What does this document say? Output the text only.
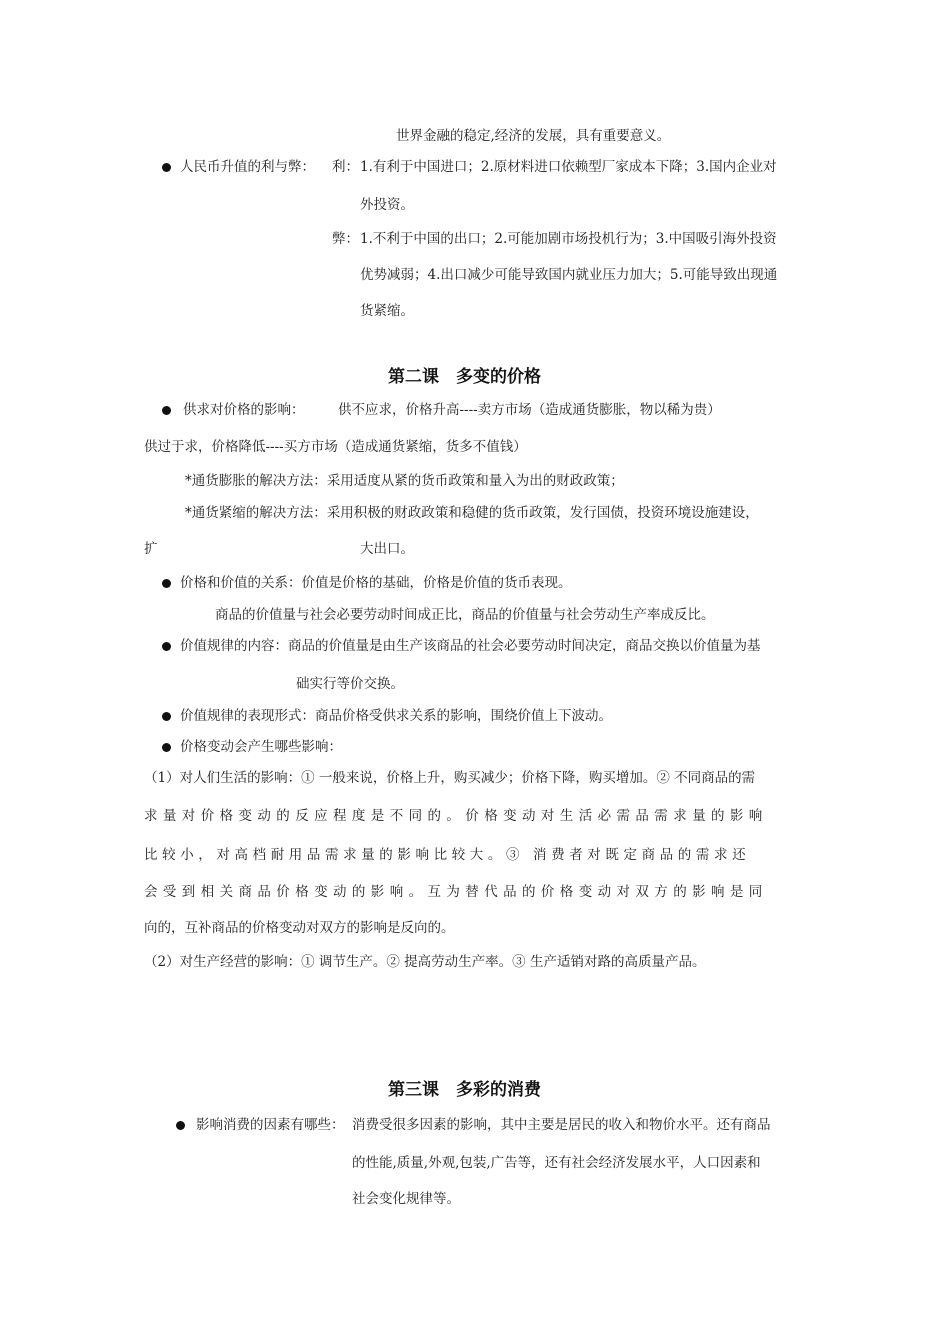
世界金融的稳定,经济的发展，具有重要意义。
人民币升值的利与弊： 利： 1.有利于中国进口；2.原材料进口依赖型厂家成本下降；3.国内企业对
外投资。
弊： 1.不利于中国的出口；2.可能加剧市场投机行为；3.中国吸引海外投资
优势减弱；4.出口减少可能导致国内就业压力加大；5.可能导致出现通
货紧缩。
第二课　多变的价格
供求对价格的影响： 供不应求，价格升高----卖方市场（造成通货膨胀，物以稀为贵）
供过于求，价格降低----买方市场（造成通货紧缩，货多不值钱）
*通货膨胀的解决方法：采用适度从紧的货币政策和量入为出的财政政策；
*通货紧缩的解决方法：采用积极的财政政策和稳健的货币政策，发行国债，投资环境设施建设，
扩	大出口。
价格和价值的关系：价值是价格的基础，价格是价值的货币表现。
商品的价值量与社会必要劳动时间成正比，商品的价值量与社会劳动生产率成反比。
价值规律的内容：商品的价值量是由生产该商品的社会必要劳动时间决定，商品交换以价值量为基
础实行等价交换。
价值规律的表现形式：商品价格受供求关系的影响，围绕价值上下波动。
价格变动会产生哪些影响：
（1）对人们生活的影响：① 一般来说，价格上升，购买减少；价格下降，购买增加。② 不同商品的需
求量对价格变动的反应程度是不同的。价格变动对生活必需品需求量的影响
比较小，对高档耐用品需求量的影响比较大。③ 消费者对既定商品的需求还
会受到相关商品价格变动的影响。互为替代品的价格变动对双方的影响是同
向的，互补商品的价格变动对双方的影响是反向的。
（2）对生产经营的影响：① 调节生产。② 提高劳动生产率。③ 生产适销对路的高质量产品。
第三课　多彩的消费
影响消费的因素有哪些： 消费受很多因素的影响，其中主要是居民的收入和物价水平。还有商品
的性能,质量,外观,包装,广告等，还有社会经济发展水平，人口因素和
社会变化规律等。
